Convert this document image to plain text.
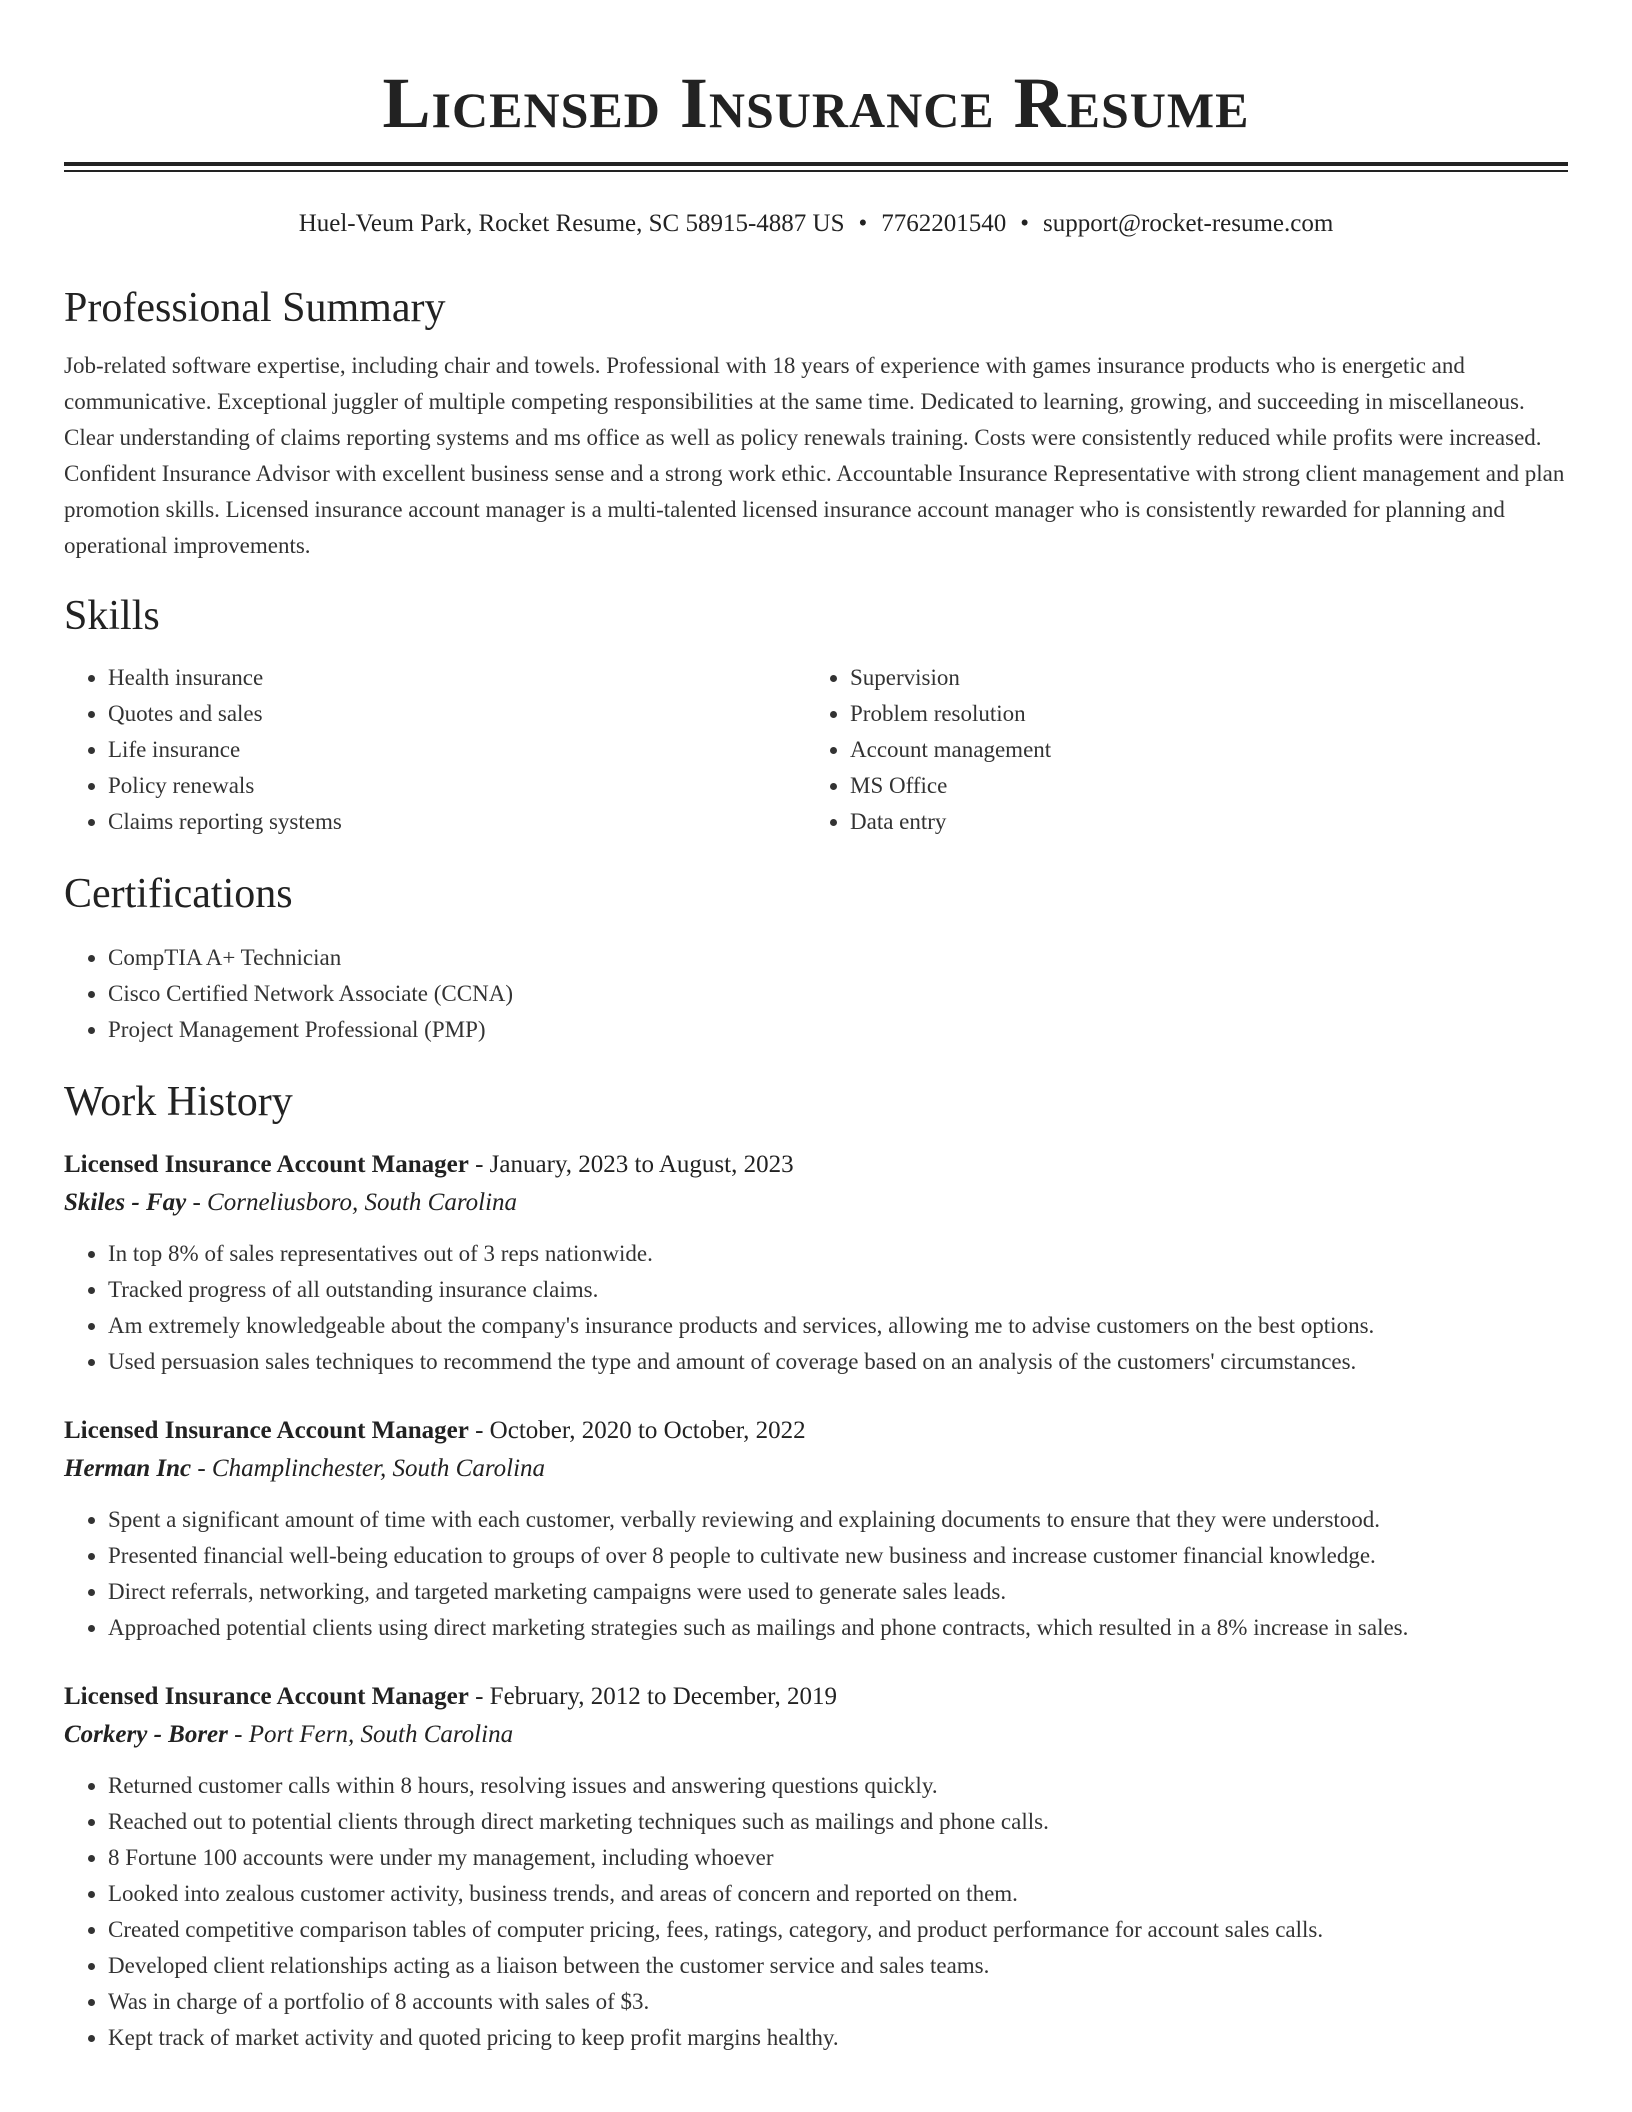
Licensed Insurance Resume
Huel-Veum Park, Rocket Resume, SC 58915-4887 US • 7762201540 • support@rocket-resume.com
Professional Summary

Job-related software expertise, including chair and towels. Professional with 18 years of experience with games insurance products who is energetic and communicative. Exceptional juggler of multiple competing responsibilities at the same time. Dedicated to learning, growing, and succeeding in miscellaneous. Clear understanding of claims reporting systems and ms office as well as policy renewals training. Costs were consistently reduced while profits were increased. Confident Insurance Advisor with excellent business sense and a strong work ethic. Accountable Insurance Representative with strong client management and plan promotion skills. Licensed insurance account manager is a multi-talented licensed insurance account manager who is consistently rewarded for planning and operational improvements.

Skills
• Health insurance
• Quotes and sales
• Life insurance
• Policy renewals
• Claims reporting systems
• Supervision
• Problem resolution
• Account management
• MS Office
• Data entry
Certifications
• CompTIA A+ Technician
• Cisco Certified Network Associate (CCNA)
• Project Management Professional (PMP)
Work History
Licensed Insurance Account Manager - January, 2023 to August, 2023
Skiles - Fay - Corneliusboro, South Carolina
• In top 8% of sales representatives out of 3 reps nationwide.
• Tracked progress of all outstanding insurance claims.
• Am extremely knowledgeable about the company's insurance products and services, allowing me to advise customers on the best options.
• Used persuasion sales techniques to recommend the type and amount of coverage based on an analysis of the customers' circumstances.
Licensed Insurance Account Manager - October, 2020 to October, 2022
Herman Inc - Champlinchester, South Carolina
• Spent a significant amount of time with each customer, verbally reviewing and explaining documents to ensure that they were understood.
• Presented financial well-being education to groups of over 8 people to cultivate new business and increase customer financial knowledge.
• Direct referrals, networking, and targeted marketing campaigns were used to generate sales leads.
• Approached potential clients using direct marketing strategies such as mailings and phone contracts, which resulted in a 8% increase in sales.
Licensed Insurance Account Manager - February, 2012 to December, 2019
Corkery - Borer - Port Fern, South Carolina
• Returned customer calls within 8 hours, resolving issues and answering questions quickly.
• Reached out to potential clients through direct marketing techniques such as mailings and phone calls.
• 8 Fortune 100 accounts were under my management, including whoever
• Looked into zealous customer activity, business trends, and areas of concern and reported on them.
• Created competitive comparison tables of computer pricing, fees, ratings, category, and product performance for account sales calls.
• Developed client relationships acting as a liaison between the customer service and sales teams.
• Was in charge of a portfolio of 8 accounts with sales of $3.
• Kept track of market activity and quoted pricing to keep profit margins healthy.
